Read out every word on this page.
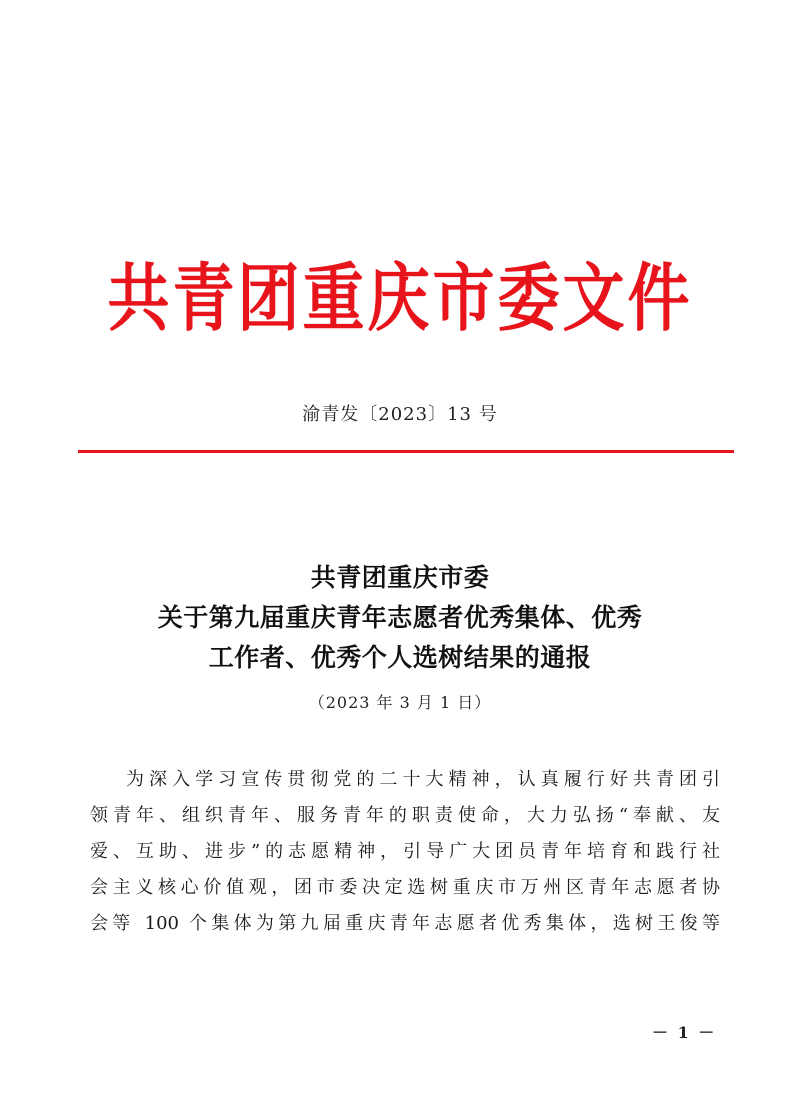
共青团重庆市委文件
渝青发〔2023〕13 号
共青团重庆市委
关于第九届重庆青年志愿者优秀集体、优秀
工作者、优秀个人选树结果的通报
（2023 年 3 月 1 日）
为深入学习宣传贯彻党的二十大精神，认真履行好共青团引
领青年、组织青年、服务青年的职责使命，大力弘扬“奉献、友
爱、互助、进步”的志愿精神，引导广大团员青年培育和践行社
会主义核心价值观，团市委决定选树重庆市万州区青年志愿者协
会等 100 个集体为第九届重庆青年志愿者优秀集体，选树王俊等
－ 1 －
